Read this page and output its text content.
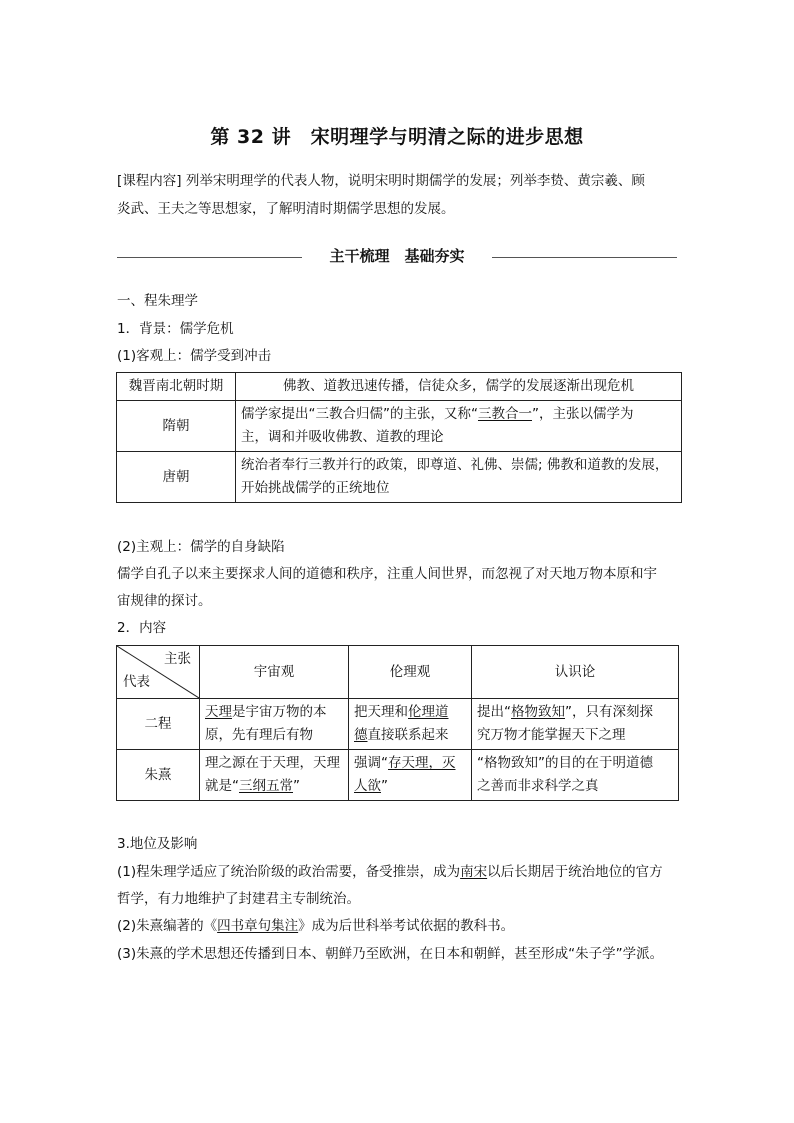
第 32 讲　宋明理学与明清之际的进步思想
[课程内容] 列举宋明理学的代表人物，说明宋明时期儒学的发展；列举李贽、黄宗羲、顾
炎武、王夫之等思想家，了解明清时期儒学思想的发展。
主干梳理　基础夯实
一、程朱理学
1．背景：儒学危机
(1)客观上：儒学受到冲击
魏晋南北朝时期	佛教、道教迅速传播，信徒众多，儒学的发展逐渐出现危机
隋朝	儒学家提出“三教合归儒”的主张，又称“三教合一”，主张以儒学为
主，调和并吸收佛教、道教的理论
唐朝	统治者奉行三教并行的政策，即尊道、礼佛、崇儒; 佛教和道教的发展，
开始挑战儒学的正统地位
(2)主观上：儒学的自身缺陷
儒学自孔子以来主要探求人间的道德和秩序，注重人间世界，而忽视了对天地万物本原和宇
宙规律的探讨。
2．内容
主张
代表	宇宙观	伦理观	认识论
二程	天理是宇宙万物的本
原，先有理后有物	把天理和伦理道
德直接联系起来	提出“格物致知”，只有深刻探
究万物才能掌握天下之理
朱熹	理之源在于天理，天理
就是“三纲五常”	强调“存天理，灭
人欲”	“格物致知”的目的在于明道德
之善而非求科学之真
3.地位及影响
(1)程朱理学适应了统治阶级的政治需要，备受推崇，成为南宋以后长期居于统治地位的官方
哲学，有力地维护了封建君主专制统治。
(2)朱熹编著的《四书章句集注》成为后世科举考试依据的教科书。
(3)朱熹的学术思想还传播到日本、朝鲜乃至欧洲，在日本和朝鲜，甚至形成“朱子学”学派。
